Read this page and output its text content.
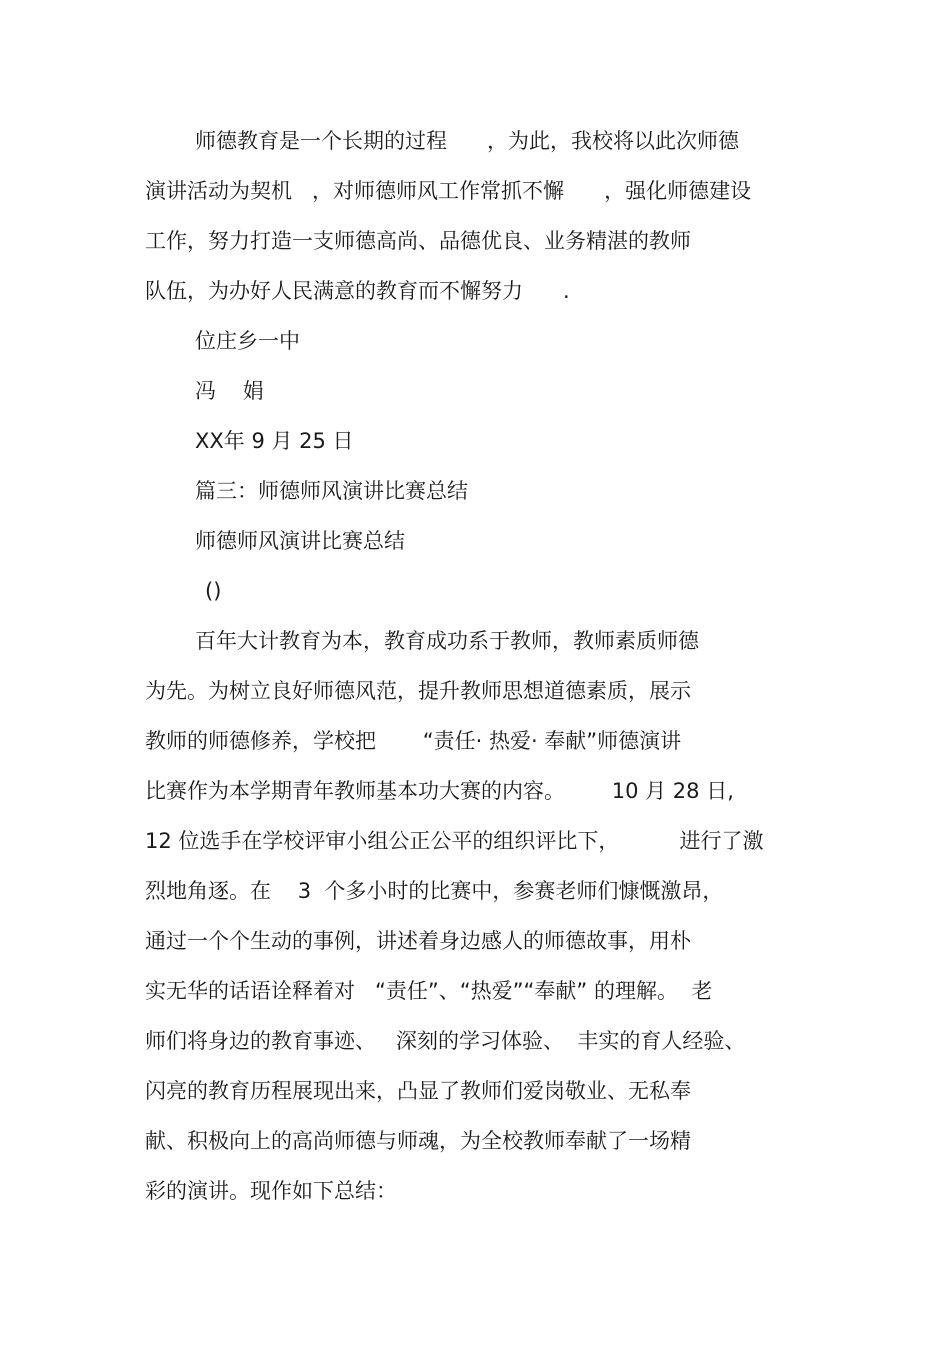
师德教育是一个长期的过程      ，为此，我校将以此次师德
演讲活动为契机   ，对师德师风工作常抓不懈      ，强化师德建设
工作，努力打造一支师德高尚、品德优良、业务精湛的教师
队伍，为办好人民满意的教育而不懈努力      .
位庄乡一中
冯    娟
XX年 9 月 25 日
篇三：师德师风演讲比赛总结
师德师风演讲比赛总结
()
百年大计教育为本，教育成功系于教师，教师素质师德
为先。为树立良好师德风范，提升教师思想道德素质，展示
教师的师德修养，学校把       “责任· 热爱· 奉献”师德演讲
比赛作为本学期青年教师基本功大赛的内容。       10 月 28 日,
12 位选手在学校评审小组公正公平的组织评比下，         进行了激
烈地角逐。在    3  个多小时的比赛中，参赛老师们慷慨激昂，
通过一个个生动的事例，讲述着身边感人的师德故事，用朴
实无华的话语诠释着对   “责任”、“热爱”“奉献” 的理解。  老
师们将身边的教育事迹、   深刻的学习体验、  丰实的育人经验、
闪亮的教育历程展现出来，凸显了教师们爱岗敬业、无私奉
献、积极向上的高尚师德与师魂，为全校教师奉献了一场精
彩的演讲。现作如下总结：
